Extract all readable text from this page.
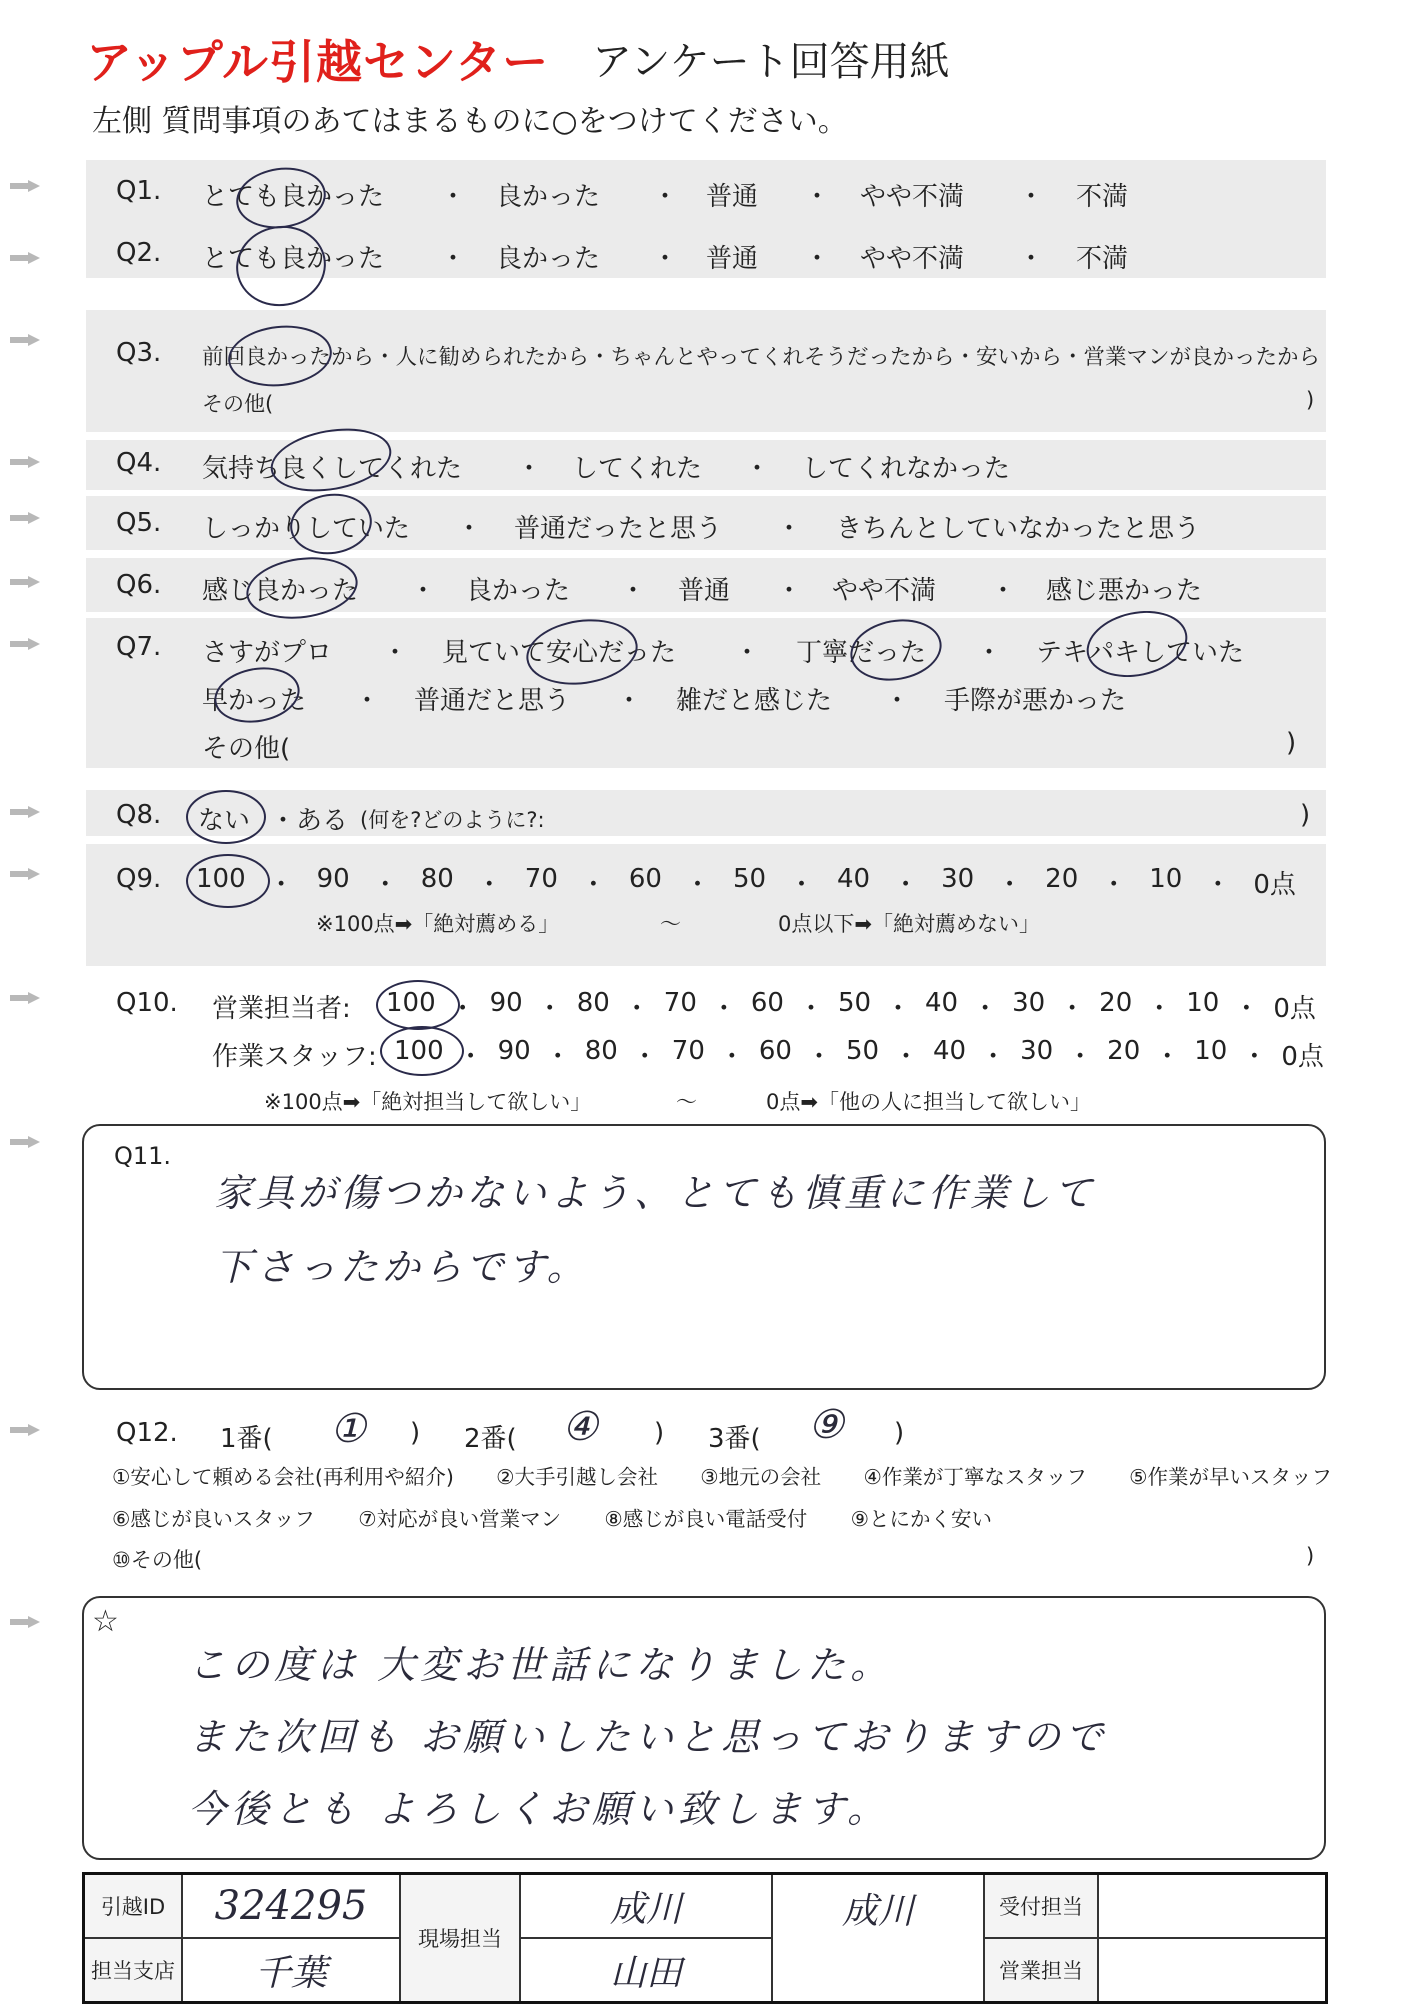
アップル引越センター アンケート回答用紙
左側 質問事項のあてはまるものに○をつけてください。
Q1. とても良かった ・ 良かった ・ 普通 ・ やや不満 ・ 不満
Q2. とても良かった ・ 良かった ・ 普通 ・ やや不満 ・ 不満
Q3. 前回良かったから・人に勧められたから・ちゃんとやってくれそうだったから・安いから・営業マンが良かったから
その他(	)
Q4. 気持ち良くしてくれた ・ してくれた ・ してくれなかった
Q5. しっかりしていた ・ 普通だったと思う ・ きちんとしていなかったと思う
Q6. 感じ良かった ・ 良かった ・ 普通 ・ やや不満 ・ 感じ悪かった
Q7. さすがプロ ・ 見ていて安心だった ・ 丁寧だった ・ テキパキしていた
早かった ・ 普通だと思う ・ 雑だと感じた ・ 手際が悪かった
その他(	)
Q8. ない ・ある (何を?どのように?:	)
Q9. 100 ・ 90 ・ 80 ・ 70 ・ 60 ・ 50 ・ 40 ・ 30 ・ 20 ・ 10 ・ 0点
※100点➡「絶対薦める」	〜	0点以下➡「絶対薦めない」
Q10. 営業担当者: 100 ・ 90 ・ 80 ・ 70 ・ 60 ・ 50 ・ 40 ・ 30 ・ 20 ・ 10 ・ 0点
作業スタッフ: 100 ・ 90 ・ 80 ・ 70 ・ 60 ・ 50 ・ 40 ・ 30 ・ 20 ・ 10 ・ 0点
※100点➡「絶対担当して欲しい」	〜	0点➡「他の人に担当して欲しい」
Q11.
家具が傷つかないよう、とても慎重に作業して
下さったからです。
Q12. 1番( ① ) 2番( ④ ) 3番( ⑨ )
①安心して頼める会社(再利用や紹介) ②大手引越し会社 ③地元の会社 ④作業が丁寧なスタッフ ⑤作業が早いスタッフ
⑥感じが良いスタッフ ⑦対応が良い営業マン ⑧感じが良い電話受付 ⑨とにかく安い
⑩その他(	)
☆
この度は 大変お世話になりました。
また次回も お願いしたいと思っておりますので
今後とも よろしくお願い致します。
引越ID	324295	現場担当	成川	成川	受付担当	
担当支店	千葉		山田		営業担当	
